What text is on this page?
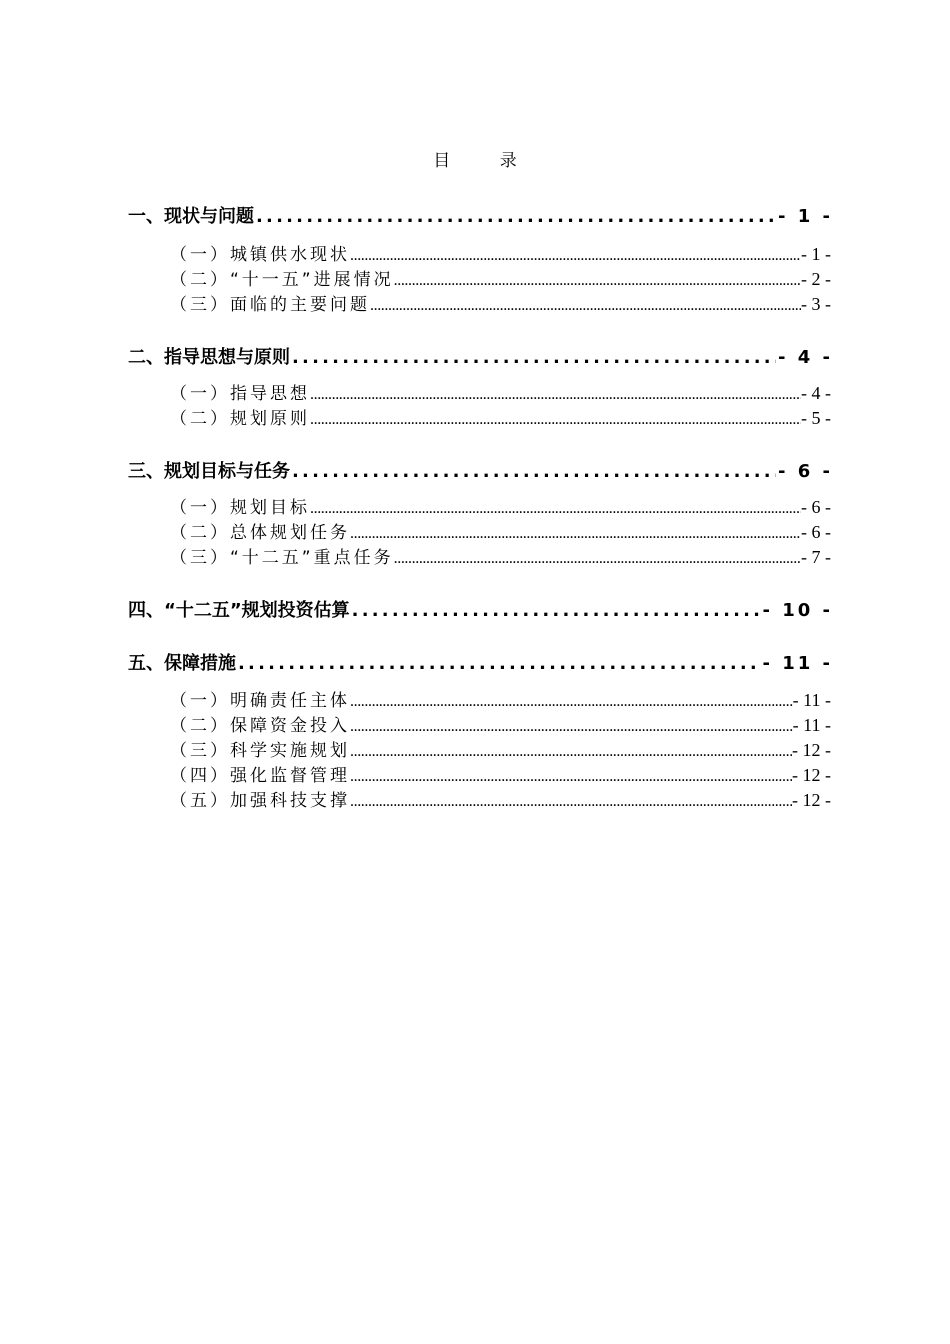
目 录
一、现状与问题 .....	- 1 -
（一）城镇供水现状 .....	- 1 -
（二）“十一五”进展情况 .....	- 2 -
（三）面临的主要问题 .....	- 3 -
二、指导思想与原则 .....	- 4 -
（一）指导思想 .....	- 4 -
（二）规划原则 .....	- 5 -
三、规划目标与任务 .....	- 6 -
（一）规划目标 .....	- 6 -
（二）总体规划任务 .....	- 6 -
（三）“十二五”重点任务 .....	- 7 -
四、“十二五”规划投资估算 .....	- 10 -
五、保障措施 .....	- 11 -
（一）明确责任主体 .....	- 11 -
（二）保障资金投入 .....	- 11 -
（三）科学实施规划 .....	- 12 -
（四）强化监督管理 .....	- 12 -
（五）加强科技支撑 .....	- 12 -
